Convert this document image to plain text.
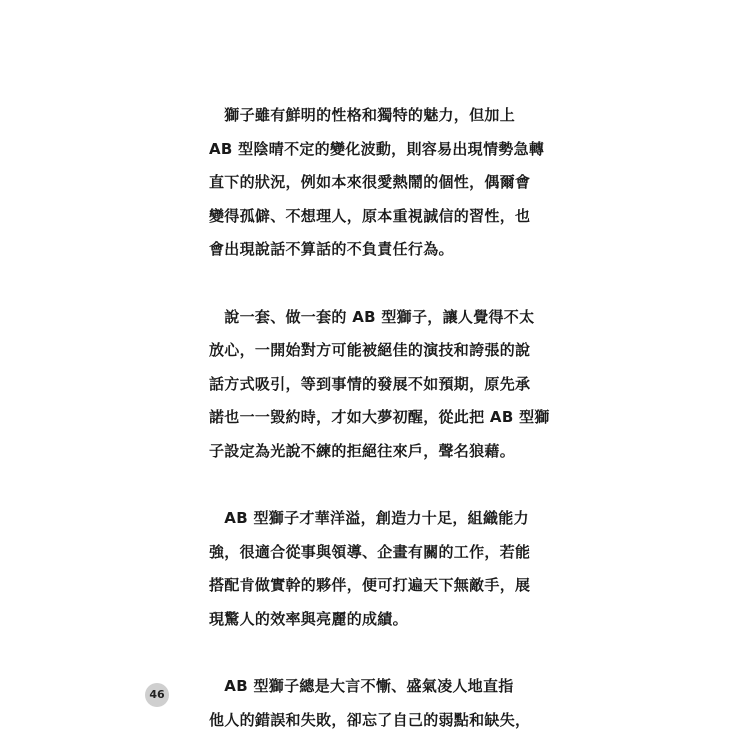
　獅子雖有鮮明的性格和獨特的魅力，但加上
AB 型陰晴不定的變化波動，則容易出現情勢急轉
直下的狀況，例如本來很愛熱鬧的個性，偶爾會
變得孤僻、不想理人，原本重視誠信的習性，也
會出現說話不算話的不負責任行為。
　說一套、做一套的 AB 型獅子，讓人覺得不太
放心，一開始對方可能被絕佳的演技和誇張的說
話方式吸引，等到事情的發展不如預期，原先承
諾也一一毀約時，才如大夢初醒，從此把 AB 型獅
子設定為光說不練的拒絕往來戶，聲名狼藉。
　AB 型獅子才華洋溢，創造力十足，組織能力
強，很適合從事與領導、企畫有關的工作，若能
搭配肯做實幹的夥伴，便可打遍天下無敵手，展
現驚人的效率與亮麗的成績。
　AB 型獅子總是大言不慚、盛氣凌人地直指
他人的錯誤和失敗，卻忘了自己的弱點和缺失，
46
